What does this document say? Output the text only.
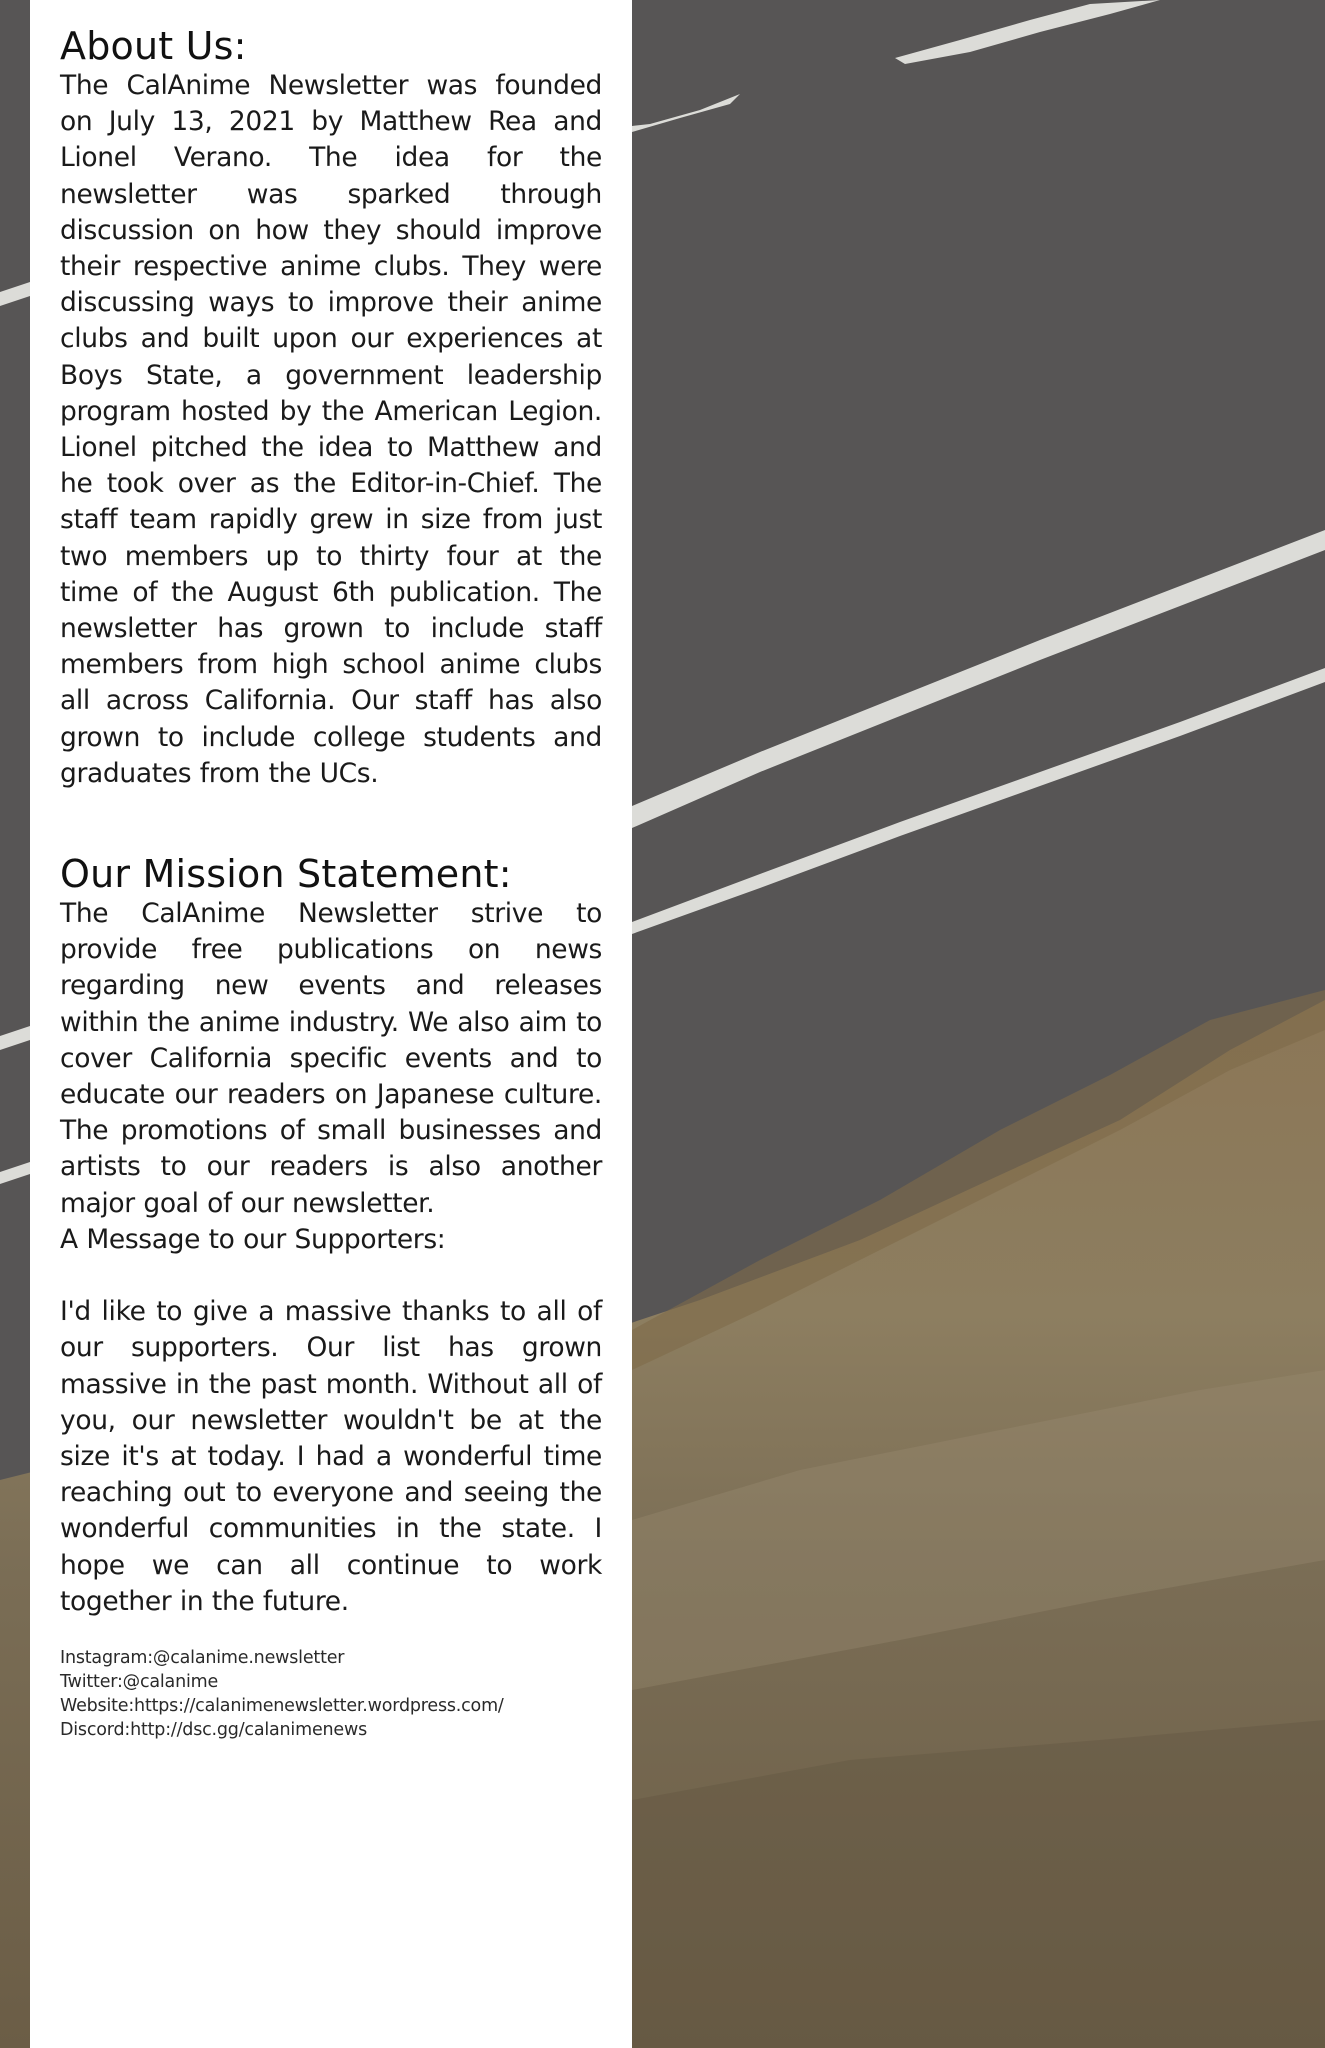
About Us:

The CalAnime Newsletter was founded on July 13, 2021 by Matthew Rea and Lionel Verano. The idea for the newsletter was sparked through discussion on how they should improve their respective anime clubs. They were discussing ways to improve their anime clubs and built upon our experiences at Boys State, a government leadership program hosted by the American Legion. Lionel pitched the idea to Matthew and he took over as the Editor-in-Chief. The staff team rapidly grew in size from just two members up to thirty four at the time of the August 6th publication. The newsletter has grown to include staff members from high school anime clubs all across California. Our staff has also grown to include college students and graduates from the UCs.

Our Mission Statement:

The CalAnime Newsletter strive to provide free publications on news regarding new events and releases within the anime industry. We also aim to cover California specific events and to educate our readers on Japanese culture. The promotions of small businesses and artists to our readers is also another major goal of our newsletter.

A Message to our Supporters:

I'd like to give a massive thanks to all of our supporters. Our list has grown massive in the past month. Without all of you, our newsletter wouldn't be at the size it's at today. I had a wonderful time reaching out to everyone and seeing the wonderful communities in the state. I hope we can all continue to work together in the future.

Instagram:@calanime.newsletter
Twitter:@calanime
Website:https://calanimenewsletter.wordpress.com/
Discord:http://dsc.gg/calanimenews
